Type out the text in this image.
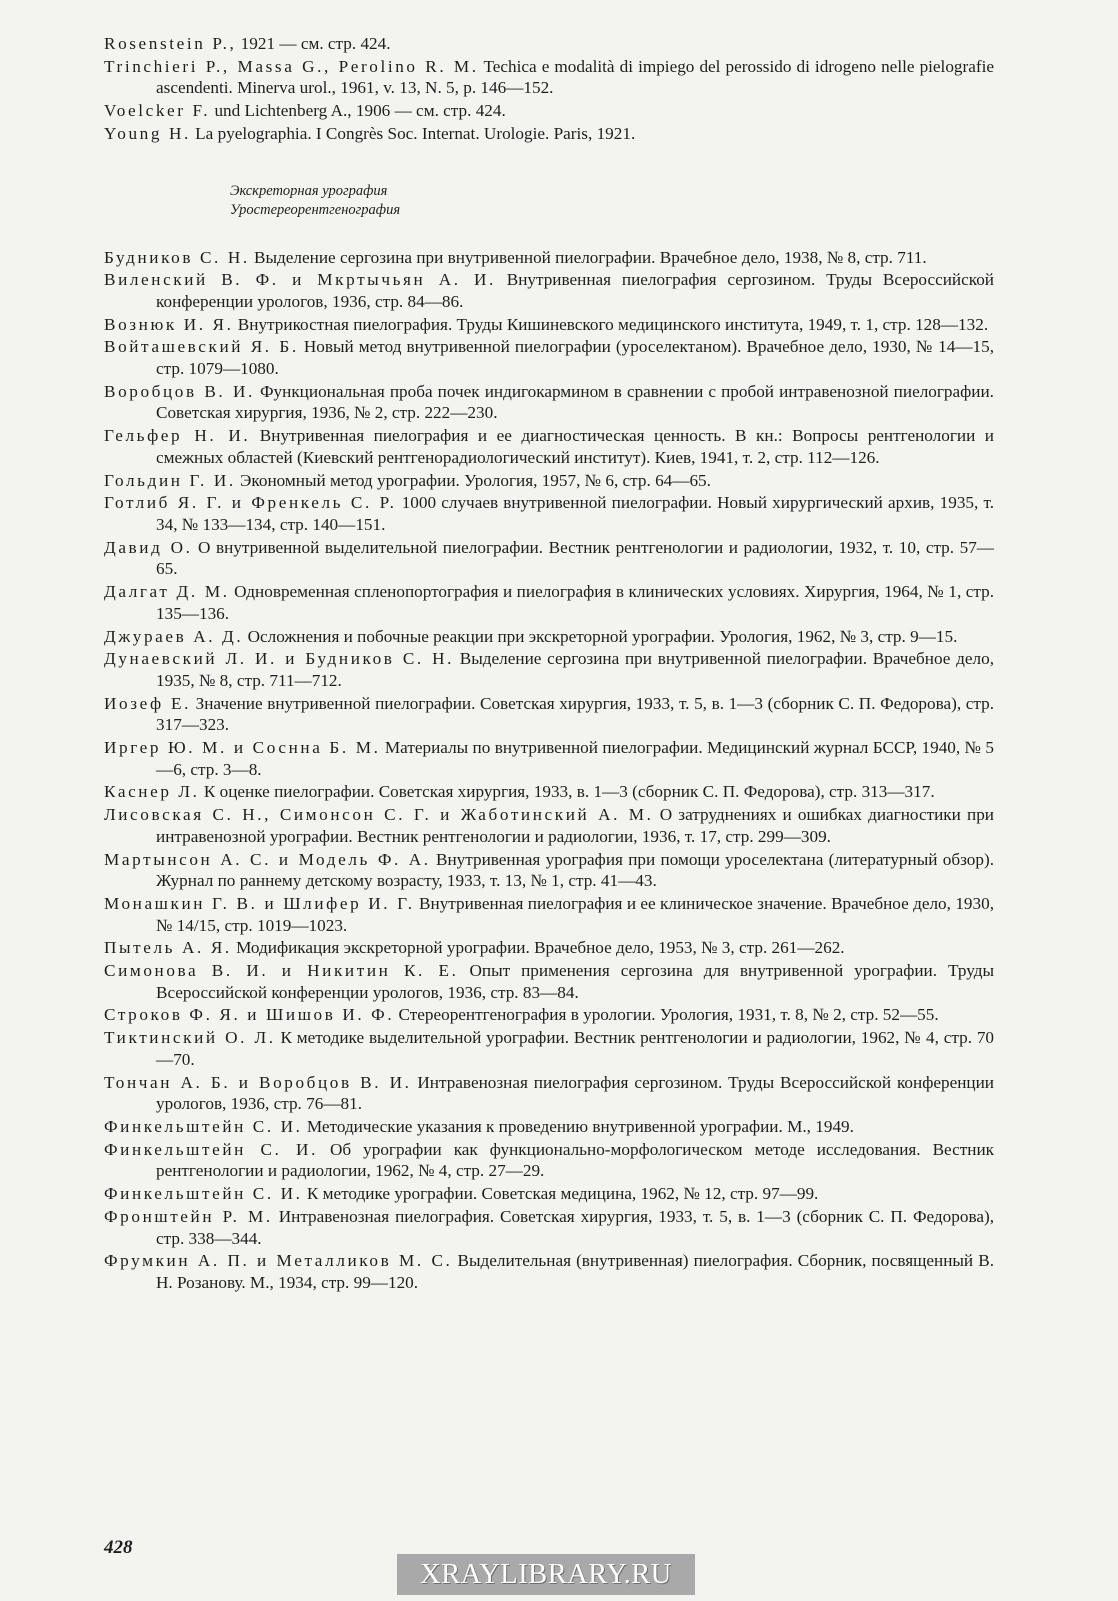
Rosenstein P., 1921 — см. стр. 424.

Trinchieri P., Massa G., Perolino R. M. Techica e modalità di impiego del perossido di idrogeno nelle pielografie ascendenti. Minerva urol., 1961, v. 13, N. 5, p. 146—152.

Voelcker F. und Lichtenberg A., 1906 — см. стр. 424.

Young H. La pyelographia. I Congrès Soc. Internat. Urologie. Paris, 1921.

Экскреторная урография
Уростереорентгенография

Будников С. Н. Выделение сергозина при внутривенной пиелографии. Врачебное дело, 1938, № 8, стр. 711.

Виленский В. Ф. и Мкртычьян А. И. Внутривенная пиелография сергозином. Труды Всероссийской конференции урологов, 1936, стр. 84—86.

Вознюк И. Я. Внутрикостная пиелография. Труды Кишиневского медицинского института, 1949, т. 1, стр. 128—132.

Войташевский Я. Б. Новый метод внутривенной пиелографии (уроселектаном). Врачебное дело, 1930, № 14—15, стр. 1079—1080.

Воробцов В. И. Функциональная проба почек индигокармином в сравнении с пробой интравенозной пиелографии. Советская хирургия, 1936, № 2, стр. 222—230.

Гельфер Н. И. Внутривенная пиелография и ее диагностическая ценность. В кн.: Вопросы рентгенологии и смежных областей (Киевский рентгенорадиологический институт). Киев, 1941, т. 2, стр. 112—126.

Гольдин Г. И. Экономный метод урографии. Урология, 1957, № 6, стр. 64—65.

Готлиб Я. Г. и Френкель С. Р. 1000 случаев внутривенной пиелографии. Новый хирургический архив, 1935, т. 34, № 133—134, стр. 140—151.

Давид О. О внутривенной выделительной пиелографии. Вестник рентгенологии и радиологии, 1932, т. 10, стр. 57—65.

Далгат Д. М. Одновременная спленопортография и пиелография в клинических условиях. Хирургия, 1964, № 1, стр. 135—136.

Джураев А. Д. Осложнения и побочные реакции при экскреторной урографии. Урология, 1962, № 3, стр. 9—15.

Дунаевский Л. И. и Будников С. Н. Выделение сергозина при внутривенной пиелографии. Врачебное дело, 1935, № 8, стр. 711—712.

Иозеф Е. Значение внутривенной пиелографии. Советская хирургия, 1933, т. 5, в. 1—3 (сборник С. П. Федорова), стр. 317—323.

Иргер Ю. М. и Соснна Б. М. Материалы по внутривенной пиелографии. Медицинский журнал БССР, 1940, № 5—6, стр. 3—8.

Каснер Л. К оценке пиелографии. Советская хирургия, 1933, в. 1—3 (сборник С. П. Федорова), стр. 313—317.

Лисовская С. Н., Симонсон С. Г. и Жаботинский А. М. О затруднениях и ошибках диагностики при интравенозной урографии. Вестник рентгенологии и радиологии, 1936, т. 17, стр. 299—309.

Мартынсон А. С. и Модель Ф. А. Внутривенная урография при помощи уроселектана (литературный обзор). Журнал по раннему детскому возрасту, 1933, т. 13, № 1, стр. 41—43.

Монашкин Г. В. и Шлифер И. Г. Внутривенная пиелография и ее клиническое значение. Врачебное дело, 1930, № 14/15, стр. 1019—1023.

Пытель А. Я. Модификация экскреторной урографии. Врачебное дело, 1953, № 3, стр. 261—262.

Симонова В. И. и Никитин К. Е. Опыт применения сергозина для внутривенной урографии. Труды Всероссийской конференции урологов, 1936, стр. 83—84.

Строков Ф. Я. и Шишов И. Ф. Стереорентгенография в урологии. Урология, 1931, т. 8, № 2, стр. 52—55.

Тиктинский О. Л. К методике выделительной урографии. Вестник рентгенологии и радиологии, 1962, № 4, стр. 70—70.

Тончан А. Б. и Воробцов В. И. Интравенозная пиелография сергозином. Труды Всероссийской конференции урологов, 1936, стр. 76—81.

Финкельштейн С. И. Методические указания к проведению внутривенной урографии. М., 1949.

Финкельштейн С. И. Об урографии как функционально-морфологическом методе исследования. Вестник рентгенологии и радиологии, 1962, № 4, стр. 27—29.

Финкельштейн С. И. К методике урографии. Советская медицина, 1962, № 12, стр. 97—99.

Фронштейн Р. М. Интравенозная пиелография. Советская хирургия, 1933, т. 5, в. 1—3 (сборник С. П. Федорова), стр. 338—344.

Фрумкин А. П. и Металликов М. С. Выделительная (внутривенная) пиелография. Сборник, посвященный В. Н. Розанову. М., 1934, стр. 99—120.

428
XRAYLIBRARY.RU
